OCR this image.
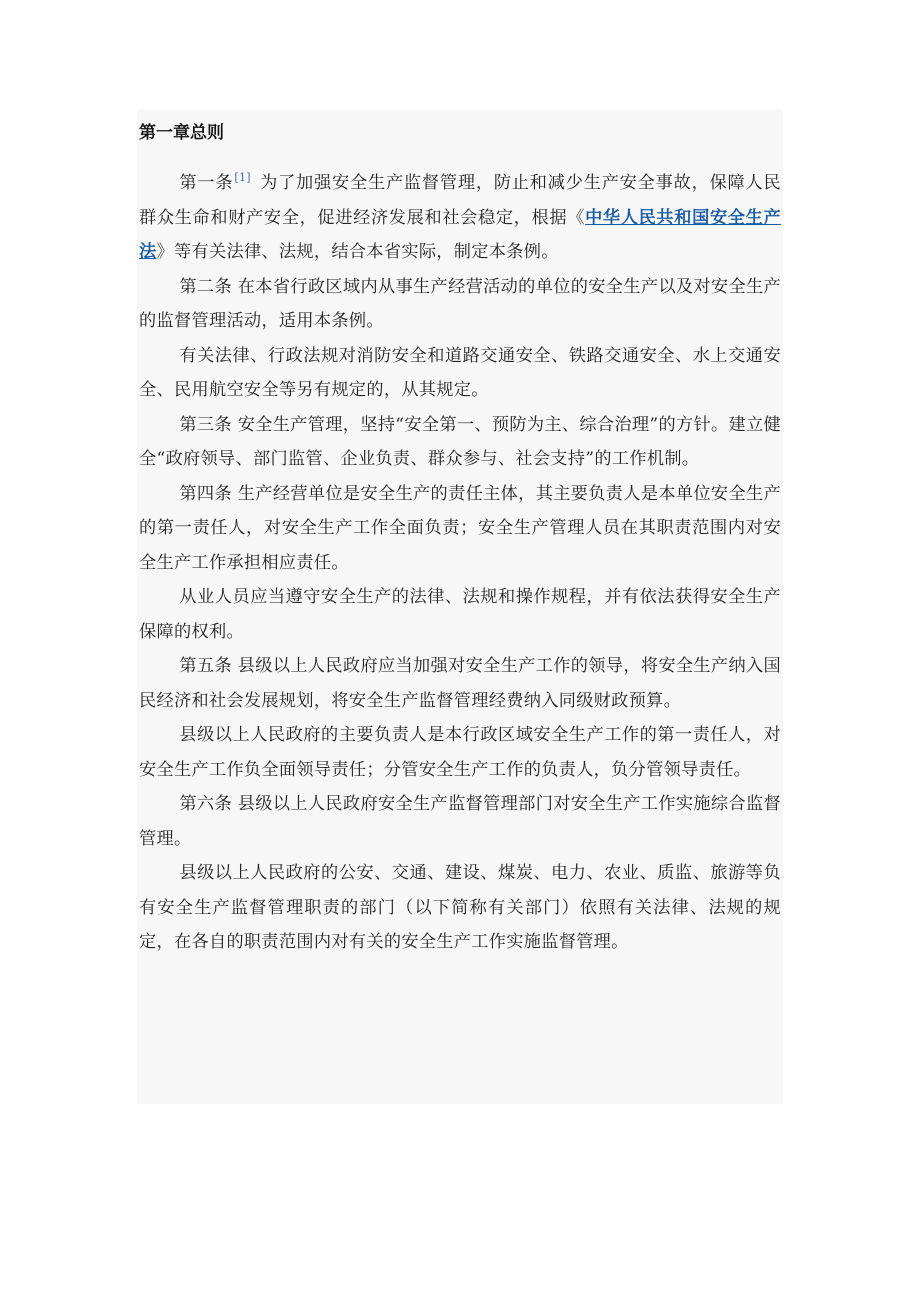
第一章总则

第一条[1] 为了加强安全生产监督管理，防止和减少生产安全事故，保障人民群众生命和财产安全，促进经济发展和社会稳定，根据《中华人民共和国安全生产法》等有关法律、法规，结合本省实际，制定本条例。

第二条 在本省行政区域内从事生产经营活动的单位的安全生产以及对安全生产的监督管理活动，适用本条例。

有关法律、行政法规对消防安全和道路交通安全、铁路交通安全、水上交通安全、民用航空安全等另有规定的，从其规定。

第三条 安全生产管理，坚持“安全第一、预防为主、综合治理”的方针。建立健全“政府领导、部门监管、企业负责、群众参与、社会支持”的工作机制。

第四条 生产经营单位是安全生产的责任主体，其主要负责人是本单位安全生产的第一责任人，对安全生产工作全面负责；安全生产管理人员在其职责范围内对安全生产工作承担相应责任。

从业人员应当遵守安全生产的法律、法规和操作规程，并有依法获得安全生产保障的权利。

第五条 县级以上人民政府应当加强对安全生产工作的领导，将安全生产纳入国民经济和社会发展规划，将安全生产监督管理经费纳入同级财政预算。

县级以上人民政府的主要负责人是本行政区域安全生产工作的第一责任人，对安全生产工作负全面领导责任；分管安全生产工作的负责人，负分管领导责任。

第六条 县级以上人民政府安全生产监督管理部门对安全生产工作实施综合监督管理。

县级以上人民政府的公安、交通、建设、煤炭、电力、农业、质监、旅游等负有安全生产监督管理职责的部门（以下简称有关部门）依照有关法律、法规的规定，在各自的职责范围内对有关的安全生产工作实施监督管理。
